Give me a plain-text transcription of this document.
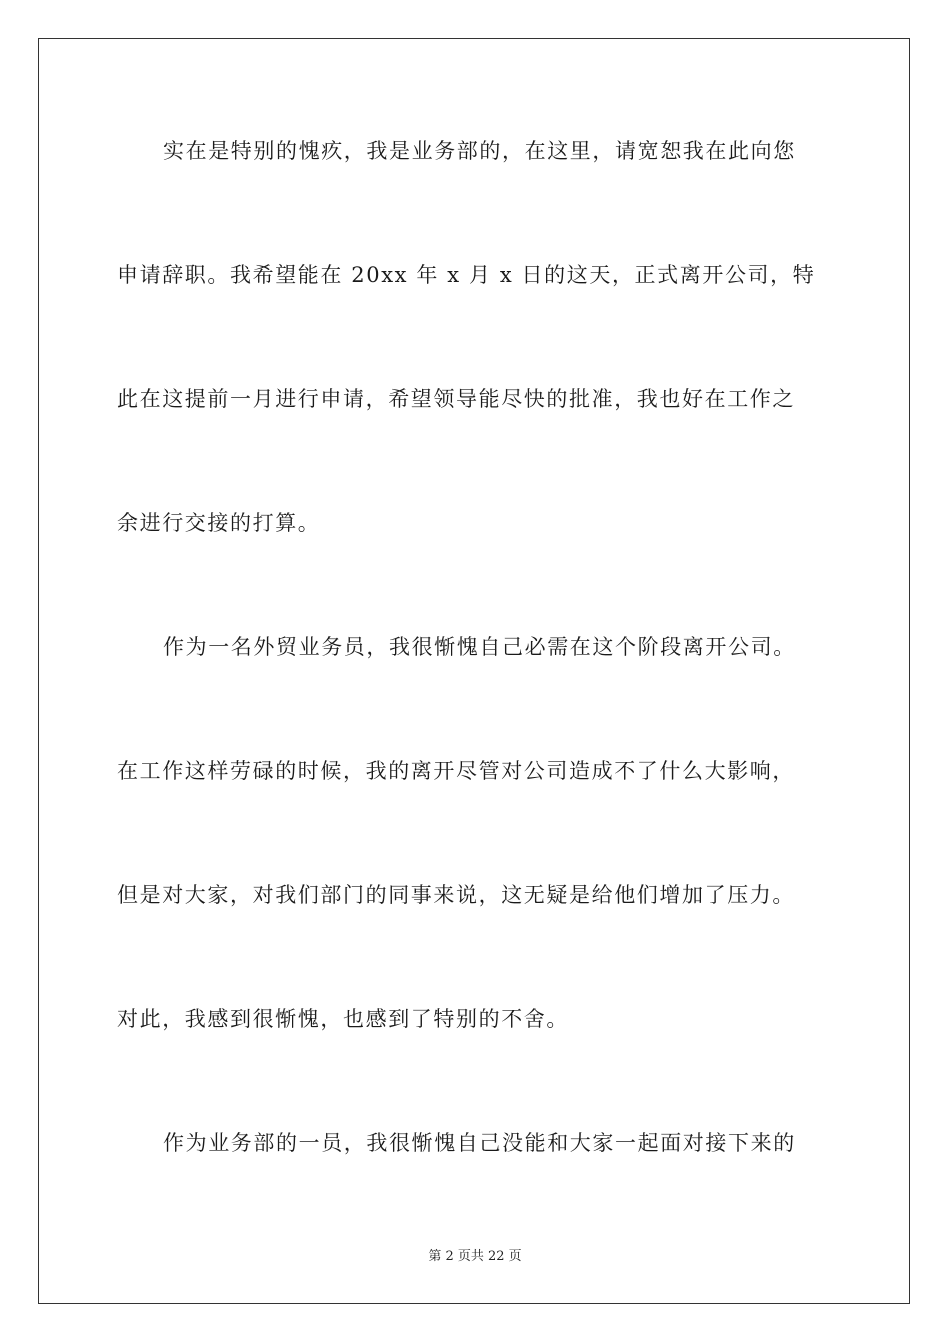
实在是特别的愧疚，我是业务部的，在这里，请宽恕我在此向您
申请辞职。我希望能在 20xx 年 x 月 x 日的这天，正式离开公司，特
此在这提前一月进行申请，希望领导能尽快的批准，我也好在工作之
余进行交接的打算。
作为一名外贸业务员，我很惭愧自己必需在这个阶段离开公司。
在工作这样劳碌的时候，我的离开尽管对公司造成不了什么大影响，
但是对大家，对我们部门的同事来说，这无疑是给他们增加了压力。
对此，我感到很惭愧，也感到了特别的不舍。
作为业务部的一员，我很惭愧自己没能和大家一起面对接下来的
第 2 页共 22 页
